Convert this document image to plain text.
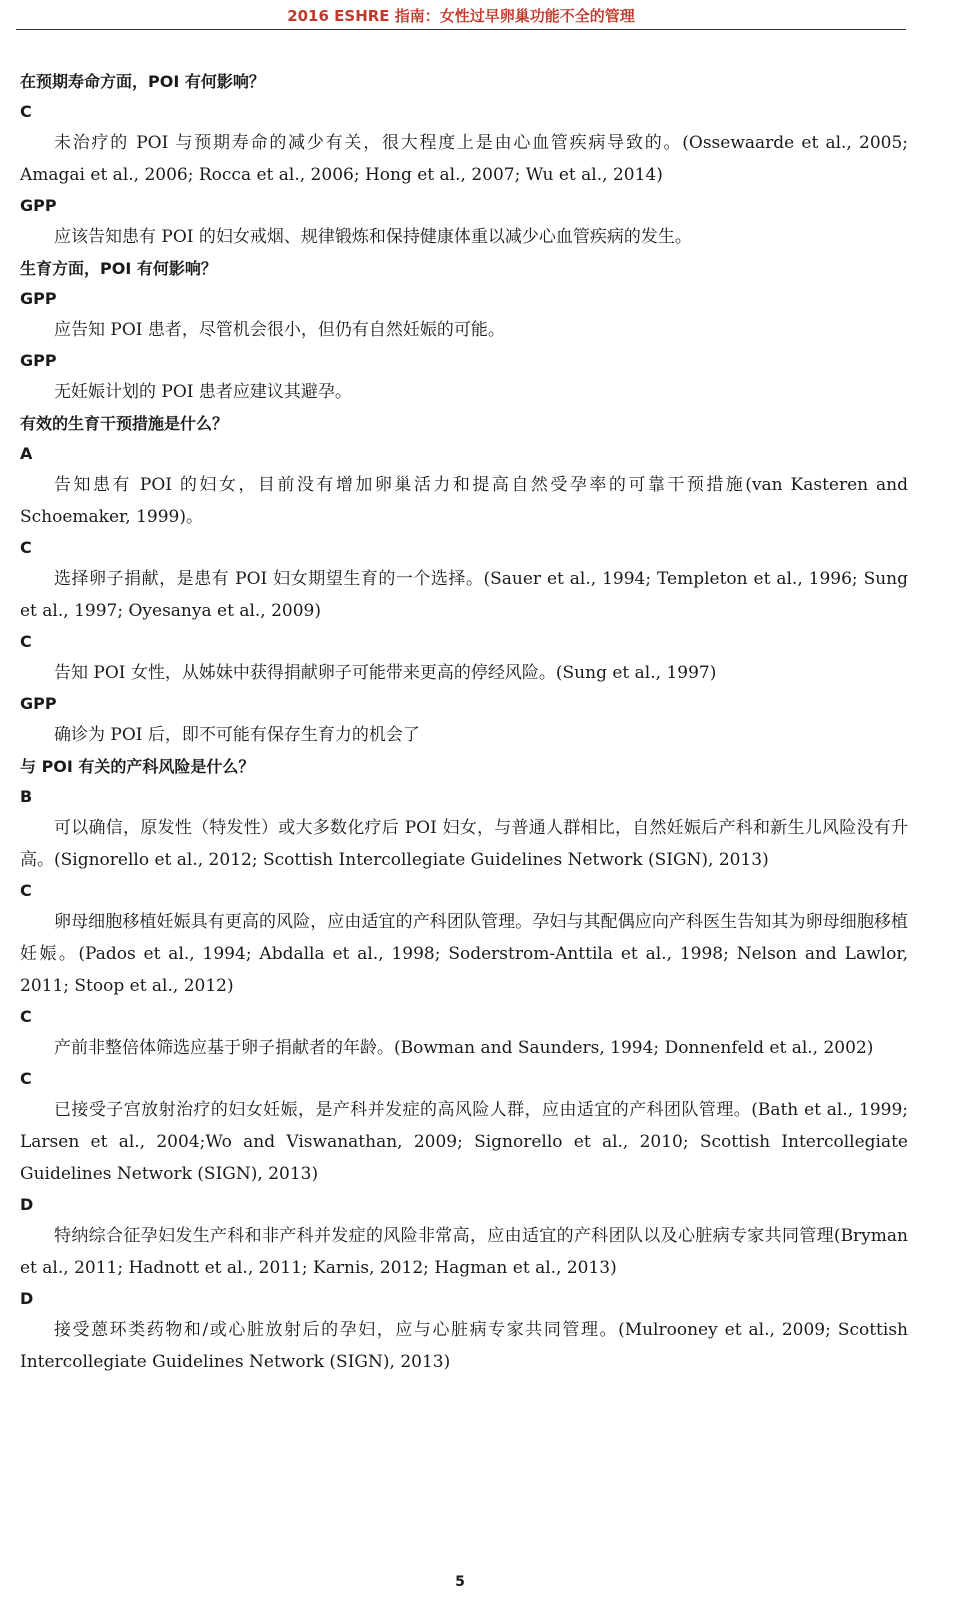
2016 ESHRE 指南：女性过早卵巢功能不全的管理

在预期寿命方面，POI 有何影响？

C

未治疗的 POI 与预期寿命的减少有关，很大程度上是由心血管疾病导致的。(Ossewaarde et al., 2005; Amagai et al., 2006; Rocca et al., 2006; Hong et al., 2007; Wu et al., 2014)

GPP

应该告知患有 POI 的妇女戒烟、规律锻炼和保持健康体重以减少心血管疾病的发生。

生育方面，POI 有何影响？

GPP

应告知 POI 患者，尽管机会很小，但仍有自然妊娠的可能。

GPP

无妊娠计划的 POI 患者应建议其避孕。

有效的生育干预措施是什么？

A

告知患有 POI 的妇女，目前没有增加卵巢活力和提高自然受孕率的可靠干预措施(van Kasteren and Schoemaker, 1999)。

C

选择卵子捐献，是患有 POI 妇女期望生育的一个选择。(Sauer et al., 1994; Templeton et al., 1996; Sung et al., 1997; Oyesanya et al., 2009)

C

告知 POI 女性，从姊妹中获得捐献卵子可能带来更高的停经风险。(Sung et al., 1997)

GPP

确诊为 POI 后，即不可能有保存生育力的机会了

与 POI 有关的产科风险是什么？

B

可以确信，原发性（特发性）或大多数化疗后 POI 妇女，与普通人群相比，自然妊娠后产科和新生儿风险没有升高。(Signorello et al., 2012; Scottish Intercollegiate Guidelines Network (SIGN), 2013)

C

卵母细胞移植妊娠具有更高的风险，应由适宜的产科团队管理。孕妇与其配偶应向产科医生告知其为卵母细胞移植妊娠。(Pados et al., 1994; Abdalla et al., 1998; Soderstrom-Anttila et al., 1998; Nelson and Lawlor, 2011; Stoop et al., 2012)

C

产前非整倍体筛选应基于卵子捐献者的年龄。(Bowman and Saunders, 1994; Donnenfeld et al., 2002)

C

已接受子宫放射治疗的妇女妊娠，是产科并发症的高风险人群，应由适宜的产科团队管理。(Bath et al., 1999; Larsen et al., 2004;Wo and Viswanathan, 2009; Signorello et al., 2010; Scottish Intercollegiate Guidelines Network (SIGN), 2013)

D

特纳综合征孕妇发生产科和非产科并发症的风险非常高，应由适宜的产科团队以及心脏病专家共同管理(Bryman et al., 2011; Hadnott et al., 2011; Karnis, 2012; Hagman et al., 2013)

D

接受蒽环类药物和/或心脏放射后的孕妇，应与心脏病专家共同管理。(Mulrooney et al., 2009; Scottish Intercollegiate Guidelines Network (SIGN), 2013)

5
